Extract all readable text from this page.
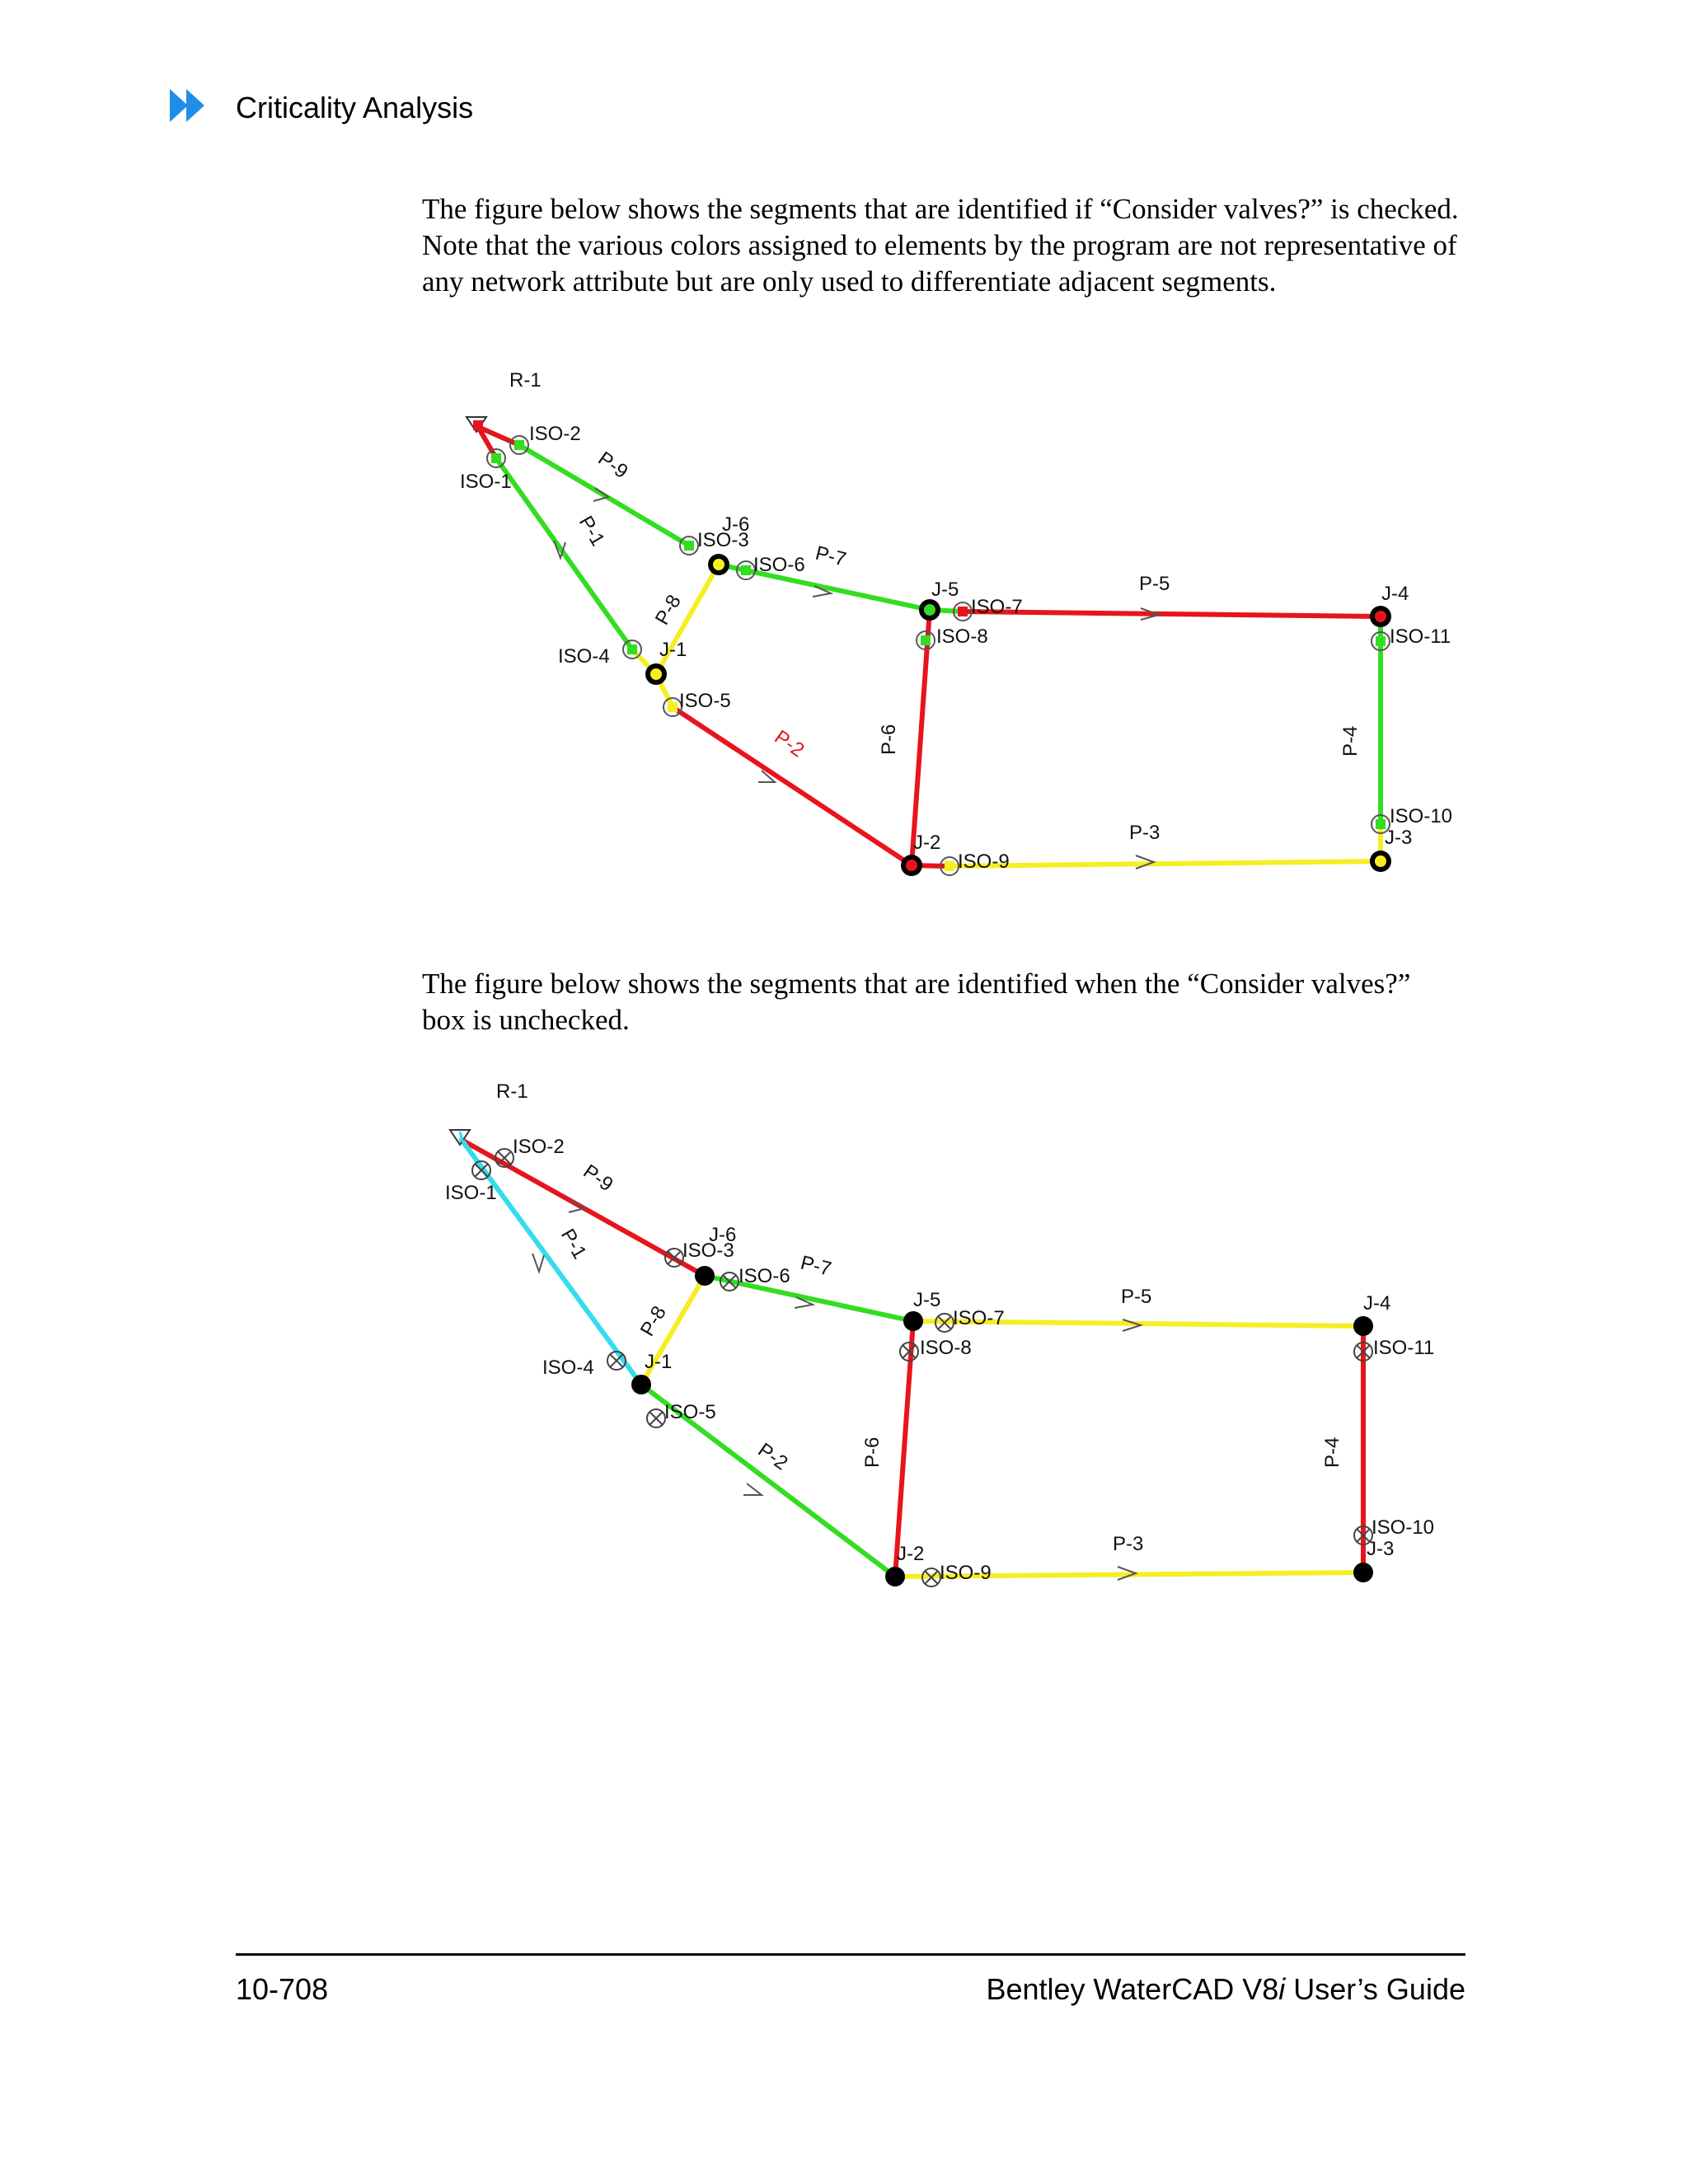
Criticality Analysis

The figure below shows the segments that are identified if “Consider valves?” is checked. Note that the various colors assigned to elements by the program are not representative of any network attribute but are only used to differentiate adjacent segments.

R-1
ISO-2
ISO-1	P-9
P-1	J-6
ISO-3
ISO-6 P-7
P-8
ISO-4	J-1
ISO-5
P-2
J-5
ISO-7
ISO-8
P-5	J-4
ISO-11
P-6	P-4
ISO-10
J-3
J-2
ISO-9
P-3

The figure below shows the segments that are identified when the “Consider valves?” box is unchecked.

R-1
ISO-2
ISO-1	P-9
P-1	J-6
ISO-3
ISO-6 P-7
P-8
ISO-4	J-1
ISO-5
P-2
J-5
ISO-7
ISO-8
P-5	J-4
ISO-11
P-6	P-4
ISO-10
J-3
J-2
ISO-9
P-3
10-708	Bentley WaterCAD V8i User’s Guide
